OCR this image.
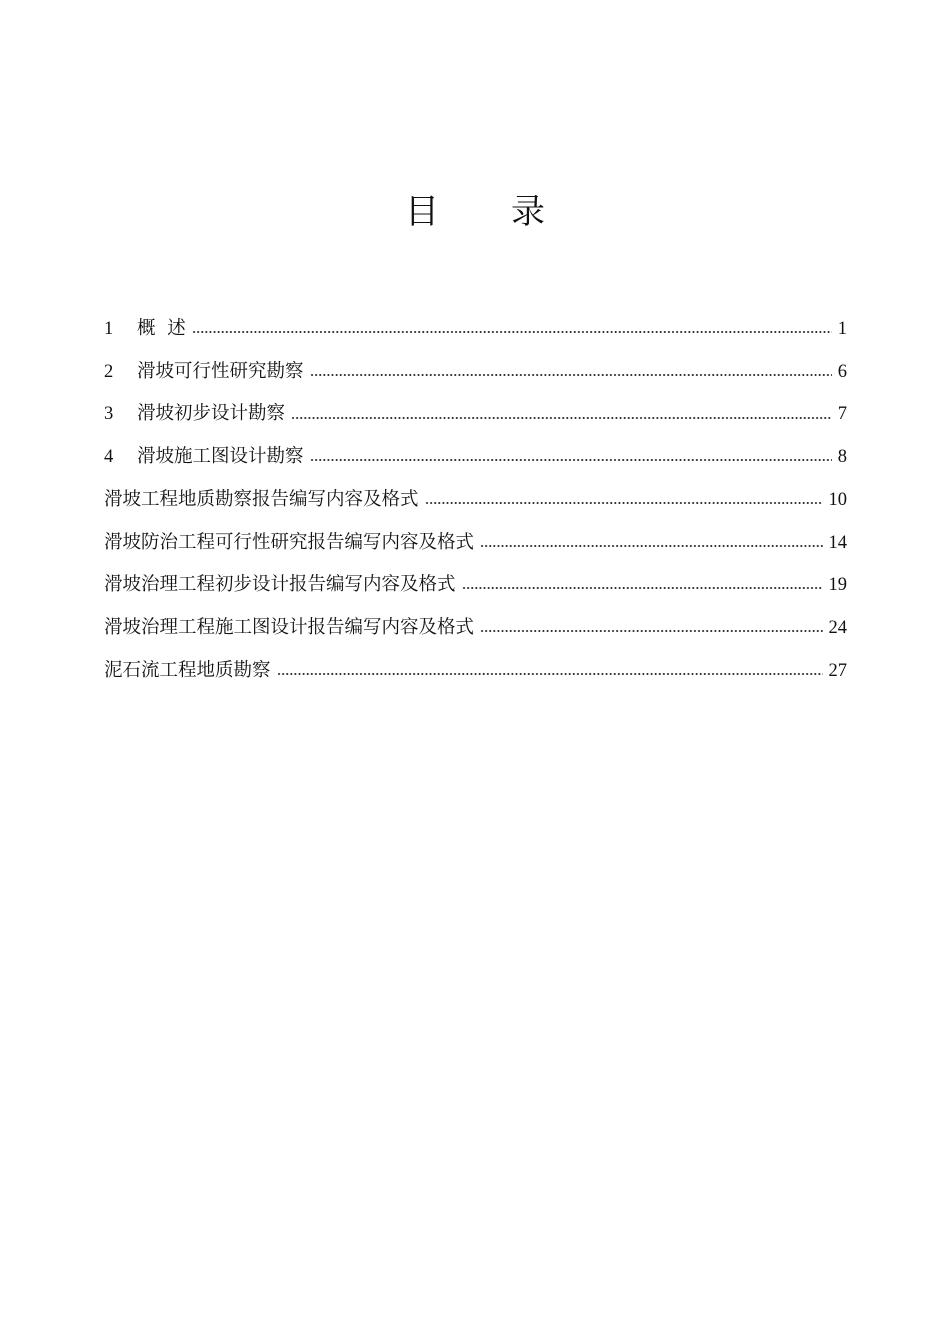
目 录
1	概  述	1
2	滑坡可行性研究勘察	6
3	滑坡初步设计勘察	7
4	滑坡施工图设计勘察	8
滑坡工程地质勘察报告编写内容及格式	10
滑坡防治工程可行性研究报告编写内容及格式	14
滑坡治理工程初步设计报告编写内容及格式	19
滑坡治理工程施工图设计报告编写内容及格式	24
泥石流工程地质勘察	27
